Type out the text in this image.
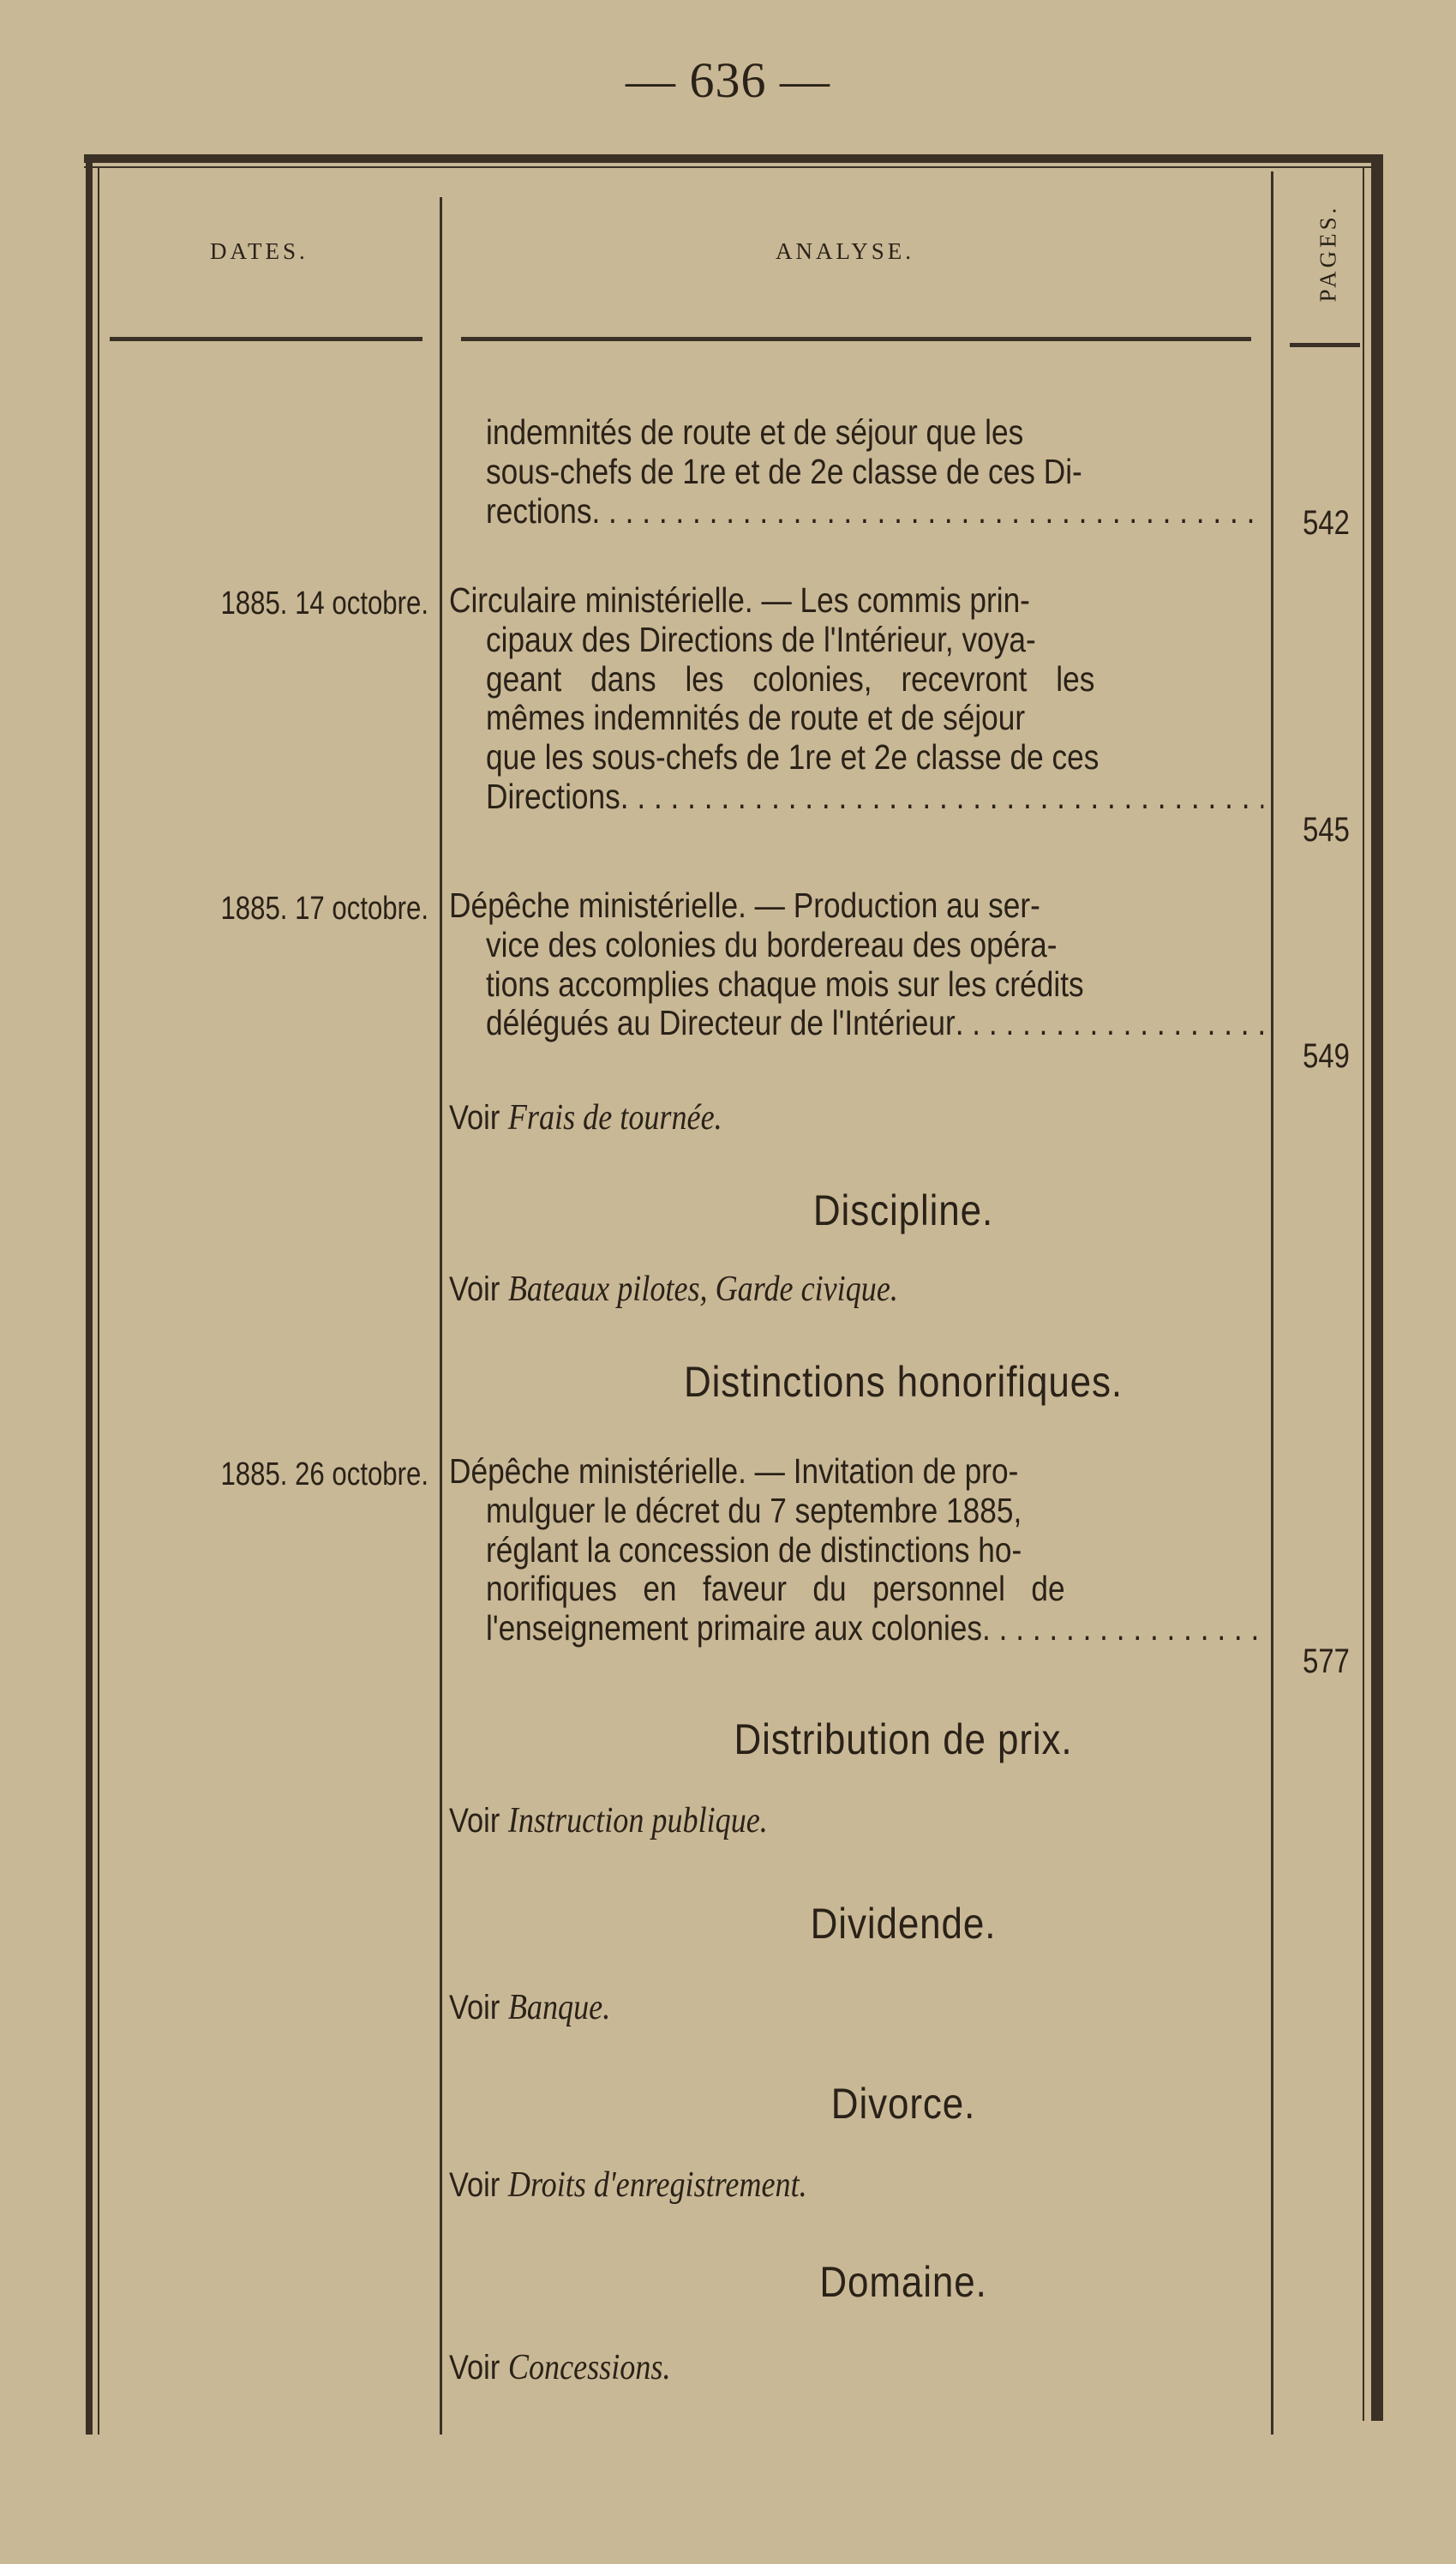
— 636 —
DATES.	ANALYSE.	PAGES.
indemnités de route et de séjour que les
sous-chefs de 1re et de 2e classe de ces Di-
rections
. . .	542
1885. 14 octobre. Circulaire ministérielle. — Les commis prin-
cipaux des Directions de l'Intérieur, voya-
geant dans les colonies, recevront les
mêmes indemnités de route et de séjour
que les sous-chefs de 1re et 2e classe de ces
Directions
. . .
545
1885. 17 octobre. Dépêche ministérielle. — Production au ser-
vice des colonies du bordereau des opéra-
tions accomplies chaque mois sur les crédits
délégués au Directeur de l'Intérieur
. . .
549
Voir Frais de tournée.
Discipline.
Voir Bateaux pilotes, Garde civique.
Distinctions honorifiques.
1885. 26 octobre. Dépêche ministérielle. — Invitation de pro-
mulguer le décret du 7 septembre 1885,
réglant la concession de distinctions ho-
norifiques en faveur du personnel de
l'enseignement primaire aux colonies
. . .
577
Distribution de prix.
Voir Instruction publique.
Dividende.
Voir Banque.
Divorce.
Voir Droits d'enregistrement.
Domaine.
Voir Concessions.
